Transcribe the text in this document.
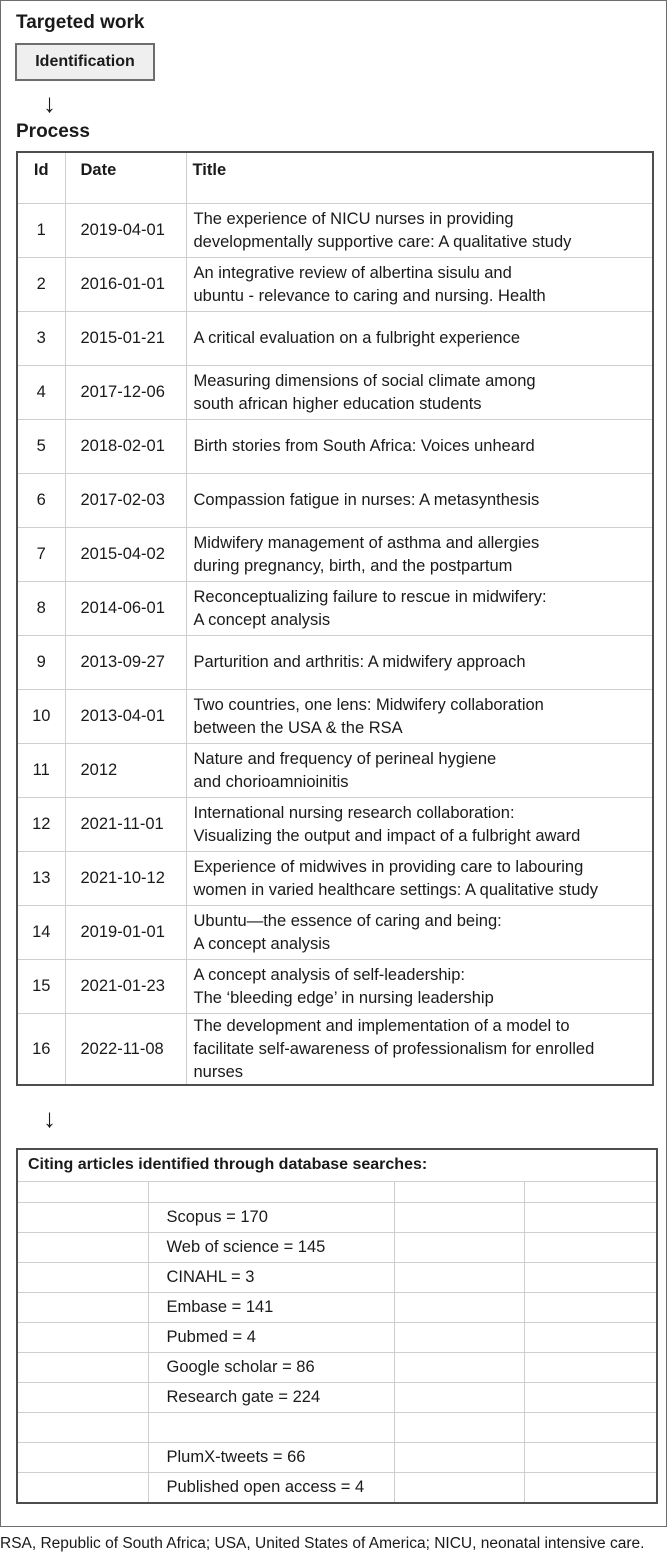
Targeted work
Identification
↓
Process
Id	Date	Title
1	2019-04-01	The experience of NICU nurses in providing
developmentally supportive care: A qualitative study

2	2016-01-01	An integrative review of albertina sisulu and
ubuntu - relevance to caring and nursing. Health

3	2015-01-21	A critical evaluation on a fulbright experience

4	2017-12-06	Measuring dimensions of social climate among
south african higher education students

5	2018-02-01	Birth stories from South Africa: Voices unheard

6	2017-02-03	Compassion fatigue in nurses: A metasynthesis

7	2015-04-02	Midwifery management of asthma and allergies
during pregnancy, birth, and the postpartum

8	2014-06-01	Reconceptualizing failure to rescue in midwifery:
A concept analysis

9	2013-09-27	Parturition and arthritis: A midwifery approach

10	2013-04-01	Two countries, one lens: Midwifery collaboration
between the USA & the RSA

11	2012	Nature and frequency of perineal hygiene
and chorioamnioinitis

12	2021-11-01	International nursing research collaboration:
Visualizing the output and impact of a fulbright award

13	2021-10-12	Experience of midwives in providing care to labouring
women in varied healthcare settings: A qualitative study

14	2019-01-01	Ubuntu—the essence of caring and being:
A concept analysis

15	2021-01-23	A concept analysis of self-leadership:
The ‘bleeding edge’ in nursing leadership

16	2022-11-08	The development and implementation of a model to
facilitate self-awareness of professionalism for enrolled
nurses
↓
Citing articles identified through database searches:

	Scopus = 170		
	Web of science = 145		
	CINAHL = 3		
	Embase = 141		
	Pubmed = 4		
	Google scholar = 86		
	Research gate = 224		

	PlumX-tweets = 66		
	Published open access = 4		
RSA, Republic of South Africa; USA, United States of America; NICU, neonatal intensive care.
